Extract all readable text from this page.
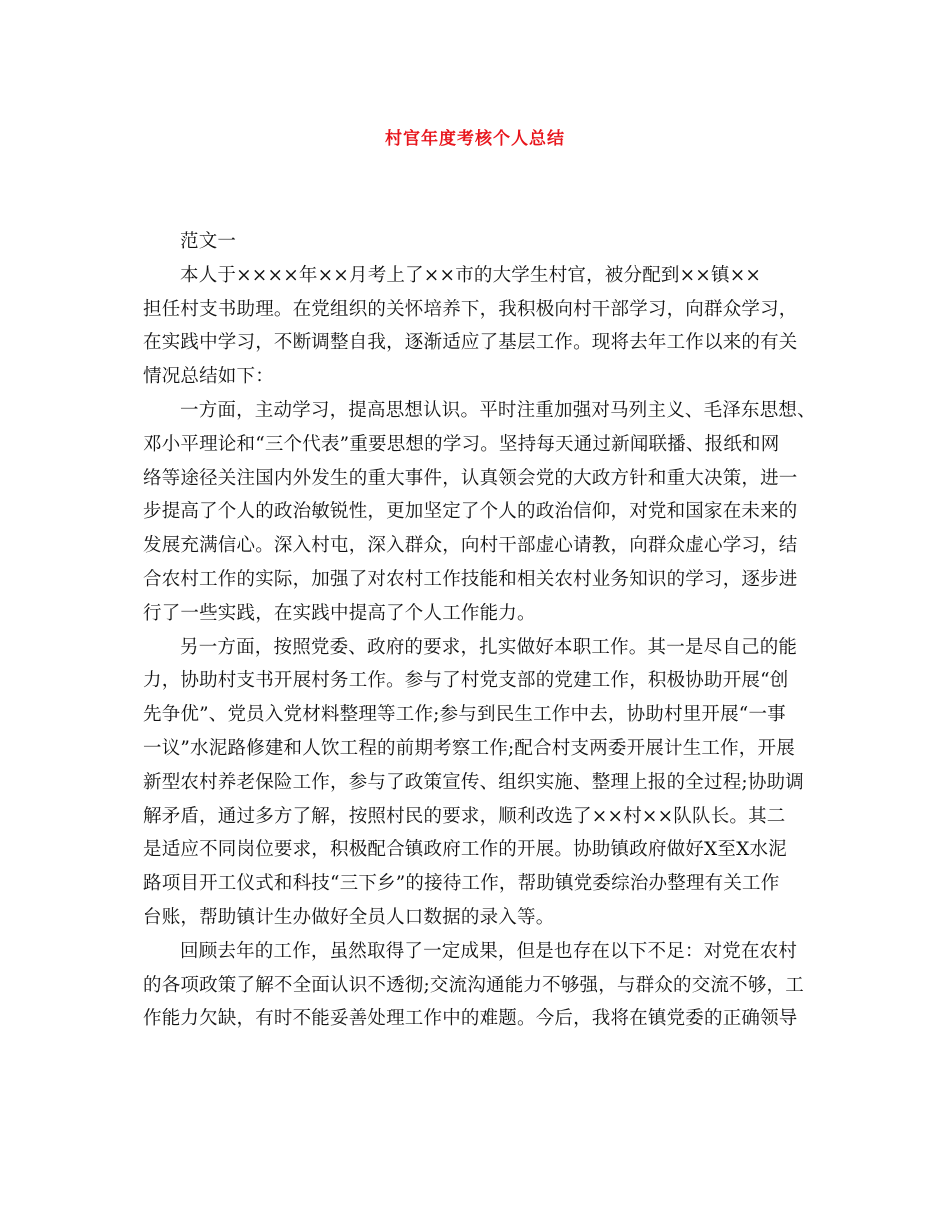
村官年度考核个人总结
范文一
本人于××××年××月考上了××市的大学生村官，被分配到××镇××
担任村支书助理。在党组织的关怀培养下，我积极向村干部学习，向群众学习，
在实践中学习，不断调整自我，逐渐适应了基层工作。现将去年工作以来的有关
情况总结如下：
一方面，主动学习，提高思想认识。平时注重加强对马列主义、毛泽东思想、
邓小平理论和“三个代表”重要思想的学习。坚持每天通过新闻联播、报纸和网
络等途径关注国内外发生的重大事件，认真领会党的大政方针和重大决策，进一
步提高了个人的政治敏锐性，更加坚定了个人的政治信仰，对党和国家在未来的
发展充满信心。深入村屯，深入群众，向村干部虚心请教，向群众虚心学习，结
合农村工作的实际，加强了对农村工作技能和相关农村业务知识的学习，逐步进
行了一些实践，在实践中提高了个人工作能力。
另一方面，按照党委、政府的要求，扎实做好本职工作。其一是尽自己的能
力，协助村支书开展村务工作。参与了村党支部的党建工作，积极协助开展“创
先争优”、党员入党材料整理等工作;参与到民生工作中去，协助村里开展“一事
一议”水泥路修建和人饮工程的前期考察工作;配合村支两委开展计生工作，开展
新型农村养老保险工作，参与了政策宣传、组织实施、整理上报的全过程;协助调
解矛盾，通过多方了解，按照村民的要求，顺利改选了××村××队队长。其二
是适应不同岗位要求，积极配合镇政府工作的开展。协助镇政府做好X至X水泥
路项目开工仪式和科技“三下乡”的接待工作，帮助镇党委综治办整理有关工作
台账，帮助镇计生办做好全员人口数据的录入等。
回顾去年的工作，虽然取得了一定成果，但是也存在以下不足：对党在农村
的各项政策了解不全面认识不透彻;交流沟通能力不够强，与群众的交流不够，工
作能力欠缺，有时不能妥善处理工作中的难题。今后，我将在镇党委的正确领导
